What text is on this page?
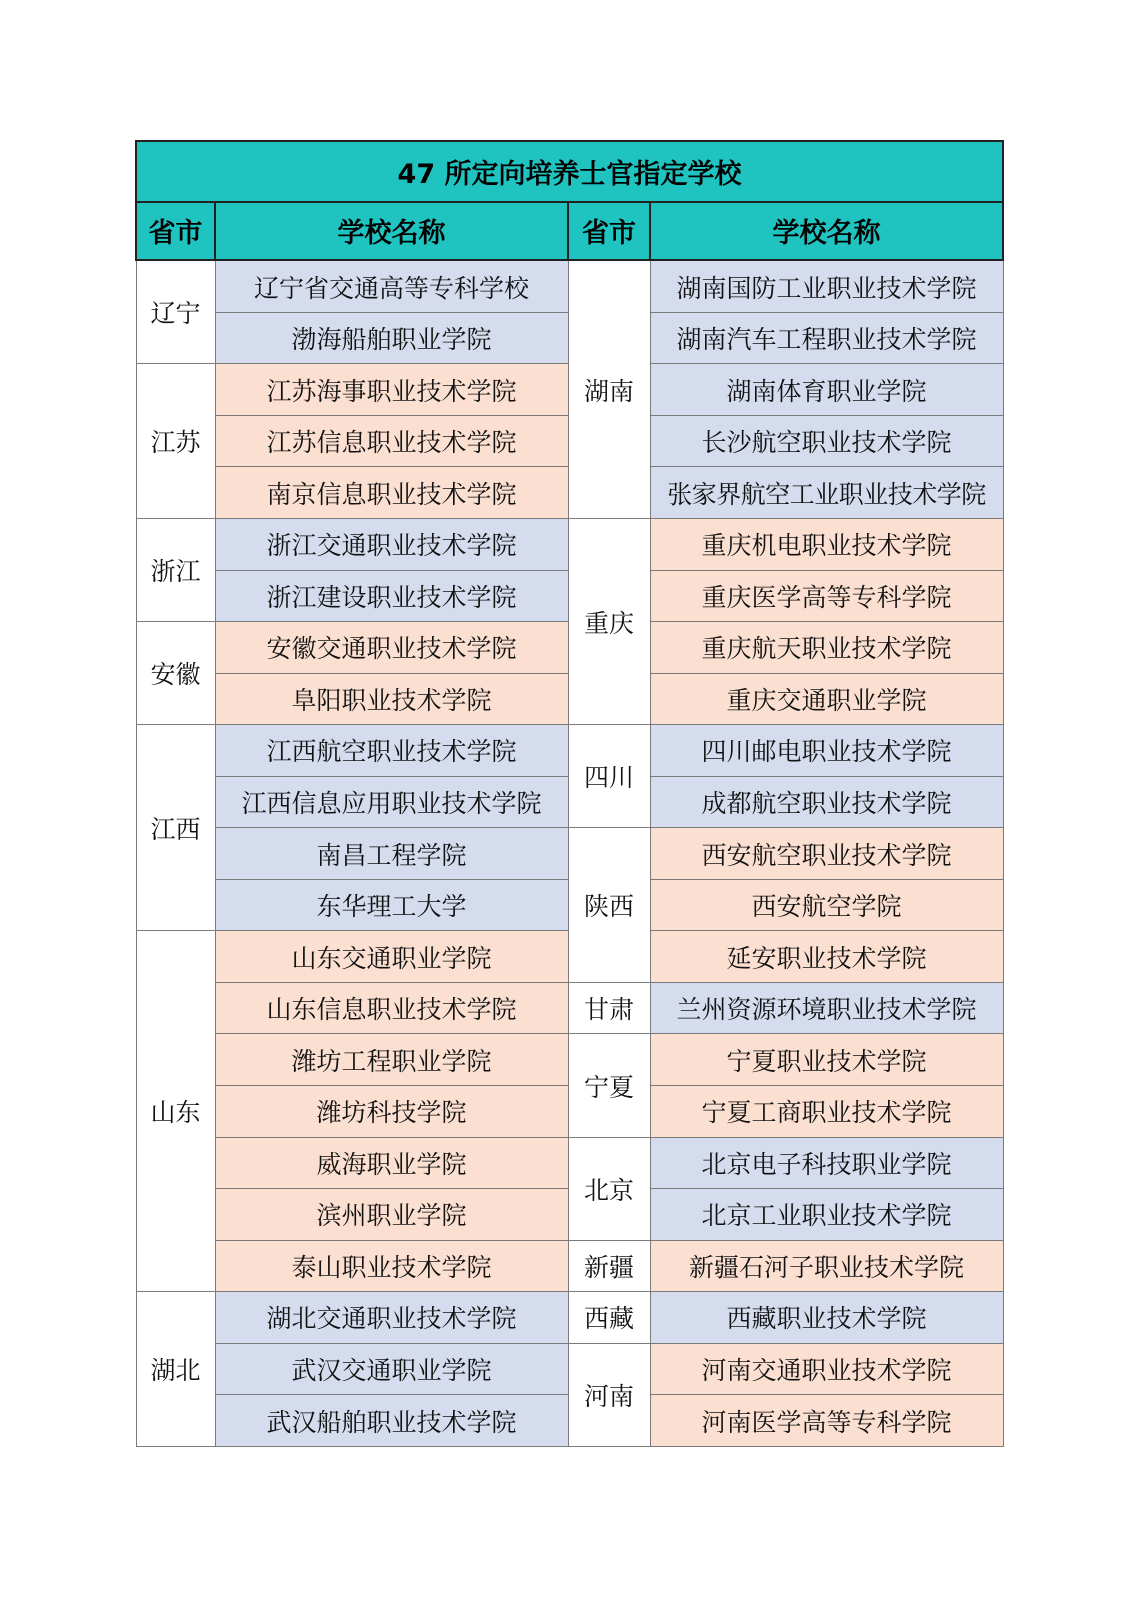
47 所定向培养士官指定学校			
省市	学校名称	省市	学校名称
辽宁	辽宁省交通高等专科学校	湖南	湖南国防工业职业技术学院
	渤海船舶职业学院		湖南汽车工程职业技术学院
江苏	江苏海事职业技术学院		湖南体育职业学院
	江苏信息职业技术学院		长沙航空职业技术学院
	南京信息职业技术学院		张家界航空工业职业技术学院
浙江	浙江交通职业技术学院	重庆	重庆机电职业技术学院
	浙江建设职业技术学院		重庆医学高等专科学院
安徽	安徽交通职业技术学院		重庆航天职业技术学院
	阜阳职业技术学院		重庆交通职业学院
江西	江西航空职业技术学院	四川	四川邮电职业技术学院
	江西信息应用职业技术学院		成都航空职业技术学院
	南昌工程学院	陕西	西安航空职业技术学院
	东华理工大学		西安航空学院
山东	山东交通职业学院		延安职业技术学院
	山东信息职业技术学院	甘肃	兰州资源环境职业技术学院
	潍坊工程职业学院	宁夏	宁夏职业技术学院
	潍坊科技学院		宁夏工商职业技术学院
	威海职业学院	北京	北京电子科技职业学院
	滨州职业学院		北京工业职业技术学院
	泰山职业技术学院	新疆	新疆石河子职业技术学院
湖北	湖北交通职业技术学院	西藏	西藏职业技术学院
	武汉交通职业学院	河南	河南交通职业技术学院
	武汉船舶职业技术学院		河南医学高等专科学院
